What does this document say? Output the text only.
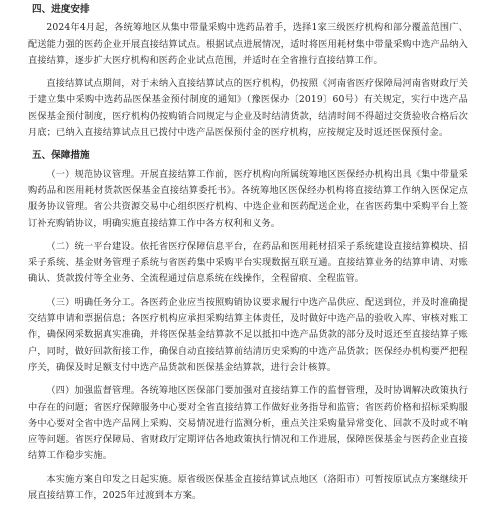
四、进度安排

2024年4月起，各统筹地区从集中带量采购中选药品着手，选择1家三级医疗机构和部分覆盖范围广、配送能力强的医药企业开展直接结算试点。根据试点进展情况，适时将医用耗材集中带量采购中选产品纳入直接结算，逐步扩大医疗机构和医药企业试点范围，并适时在全省推行直接结算工作。

直接结算试点期间，对于未纳入直接结算试点的医疗机构，仍按照《河南省医疗保障局河南省财政厅关于建立集中采购中选药品医保基金预付制度的通知》（豫医保办〔2019〕60号）有关规定，实行中选产品医保基金预付制度，医疗机构仍按购销合同规定与企业及时结清货款，结清时间不得超过交货验收合格后次月底；已纳入直接结算试点且已拨付中选产品医保预付金的医疗机构，应按规定及时返还医保预付金。

五、保障措施

（一）规范协议管理。开展直接结算工作前，医疗机构向所属统筹地区医保经办机构出具《集中带量采购药品和医用耗材货款医保基金直接结算委托书》。各统筹地区医保经办机构将直接结算工作纳入医保定点服务协议管理。省公共资源交易中心组织医疗机构、中选企业和医药配送企业，在省医药集中采购平台上签订补充购销协议，明确实施直接结算工作中各方权利和义务。

（二）统一平台建设。依托省医疗保障信息平台，在药品和医用耗材招采子系统建设直接结算模块、招采子系统、基金财务管理子系统与省医药集中采购平台实现数据互联互通。直接结算业务的结算申请、对账确认、货款拨付等全业务、全流程通过信息系统在线操作，全程留痕、全程监管。

（三）明确任务分工。各医药企业应当按照购销协议要求履行中选产品供应、配送到位，并及时准确提交结算申请和票据信息；各医疗机构应承担采购结算主体责任，及时做好中选产品的验收入库、审核对账工作，确保网采数据真实准确，并将医保基金结算款不足以抵扣中选产品货款的部分及时返还至直接结算子账户，同时，做好回款衔接工作，确保自动直接结算前结清历史采购的中选产品货款；医保经办机构要严把程序关，确保及时足额支付中选产品货款和医保基金结算款，进行会计核算。

（四）加强监督管理。各统筹地区医保部门要加强对直接结算工作的监督管理，及时协调解决政策执行中存在的问题；省医疗保障服务中心要对全省直接结算工作做好业务指导和监管；省医药价格和招标采购服务中心要对全省中选产品网上采购、交易情况进行监测分析，重点关注采购量异常变化、回款不及时或不响应等问题。省医疗保障局、省财政厅定期评估各地政策执行情况和工作进展，保障医保基金与医药企业直接结算工作稳步实施。

本实施方案自印发之日起实施。原省级医保基金直接结算试点地区（洛阳市）可暂按原试点方案继续开展直接结算工作，2025年过渡到本方案。
